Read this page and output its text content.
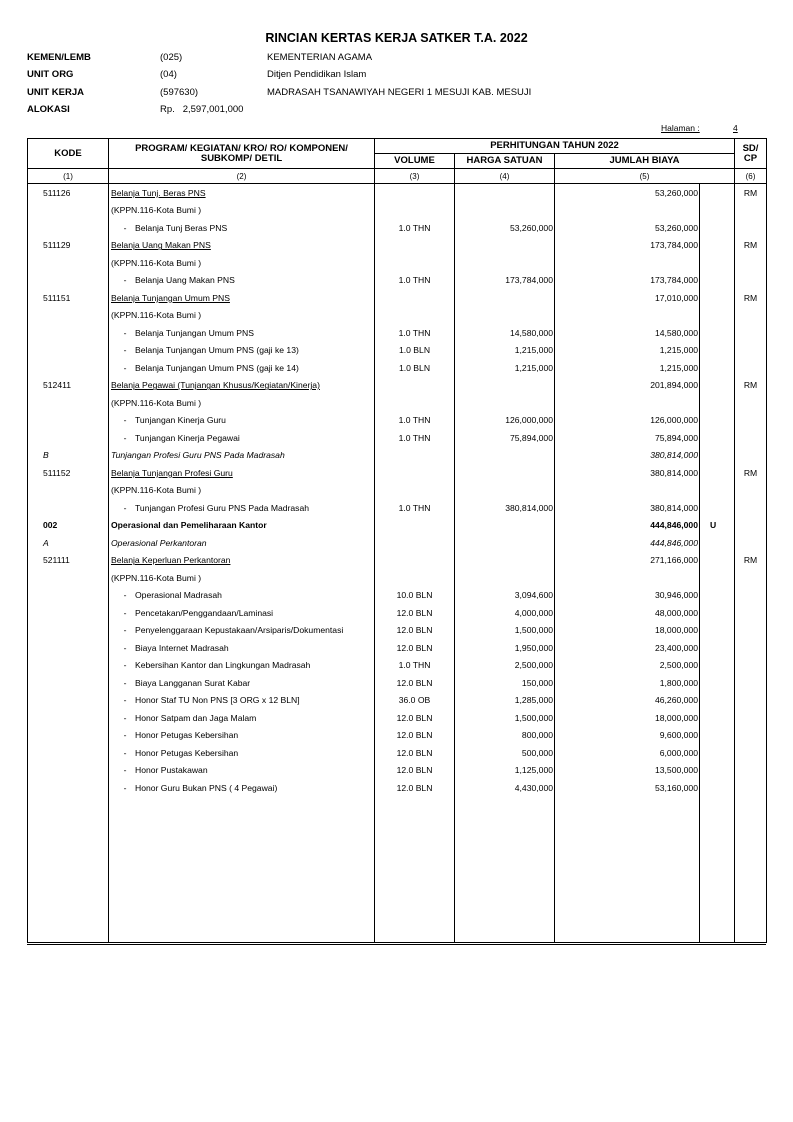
RINCIAN KERTAS KERJA SATKER T.A. 2022
KEMEN/LEMB	(025)	KEMENTERIAN AGAMA
UNIT ORG	(04)	Ditjen Pendidikan Islam
UNIT KERJA	(597630)	MADRASAH TSANAWIYAH NEGERI 1 MESUJI KAB. MESUJI
ALOKASI	Rp.   2,597,001,000
Halaman :	4
KODE	PROGRAM/ KEGIATAN/ KRO/ RO/ KOMPONEN/ SUBKOMP/ DETIL	PERHITUNGAN TAHUN 2022				SD/ CP
		VOLUME	HARGA SATUAN	JUMLAH BIAYA		
(1)	(2)	(3)	(4)	(5)		(6)
511126	Belanja Tunj. Beras PNS			53,260,000		RM
	(KPPN.116-Kota Bumi )					
	- Belanja Tunj Beras PNS	1.0 THN	53,260,000	53,260,000		
511129	Belanja Uang Makan PNS			173,784,000		RM
	(KPPN.116-Kota Bumi )					
	- Belanja Uang Makan PNS	1.0 THN	173,784,000	173,784,000		
511151	Belanja Tunjangan Umum PNS			17,010,000		RM
	(KPPN.116-Kota Bumi )					
	- Belanja Tunjangan Umum PNS	1.0 THN	14,580,000	14,580,000		
	- Belanja Tunjangan Umum PNS (gaji ke 13)	1.0 BLN	1,215,000	1,215,000		
	- Belanja Tunjangan Umum PNS (gaji ke 14)	1.0 BLN	1,215,000	1,215,000		
512411	Belanja Pegawai (Tunjangan Khusus/Kegiatan/Kinerja)			201,894,000		RM
	(KPPN.116-Kota Bumi )					
	- Tunjangan Kinerja Guru	1.0 THN	126,000,000	126,000,000		
	- Tunjangan Kinerja Pegawai	1.0 THN	75,894,000	75,894,000		
B	Tunjangan Profesi Guru PNS Pada Madrasah			380,814,000		
511152	Belanja Tunjangan Profesi Guru			380,814,000		RM
	(KPPN.116-Kota Bumi )					
	- Tunjangan Profesi Guru PNS Pada Madrasah	1.0 THN	380,814,000	380,814,000		
002	Operasional dan Pemeliharaan Kantor			444,846,000	U	
A	Operasional Perkantoran			444,846,000		
521111	Belanja Keperluan Perkantoran			271,166,000		RM
	(KPPN.116-Kota Bumi )					
	- Operasional Madrasah	10.0 BLN	3,094,600	30,946,000		
	- Pencetakan/Penggandaan/Laminasi	12.0 BLN	4,000,000	48,000,000		
	- Penyelenggaraan Kepustakaan/Arsiparis/Dokumentasi	12.0 BLN	1,500,000	18,000,000		
	- Biaya Internet Madrasah	12.0 BLN	1,950,000	23,400,000		
	- Kebersihan Kantor dan Lingkungan Madrasah	1.0 THN	2,500,000	2,500,000		
	- Biaya Langganan Surat Kabar	12.0 BLN	150,000	1,800,000		
	- Honor Staf TU Non PNS [3 ORG x 12 BLN]	36.0 OB	1,285,000	46,260,000		
	- Honor Satpam dan Jaga Malam	12.0 BLN	1,500,000	18,000,000		
	- Honor Petugas Kebersihan	12.0 BLN	800,000	9,600,000		
	- Honor Petugas Kebersihan	12.0 BLN	500,000	6,000,000		
	- Honor Pustakawan	12.0 BLN	1,125,000	13,500,000		
	- Honor Guru Bukan PNS ( 4 Pegawai)	12.0 BLN	4,430,000	53,160,000		
